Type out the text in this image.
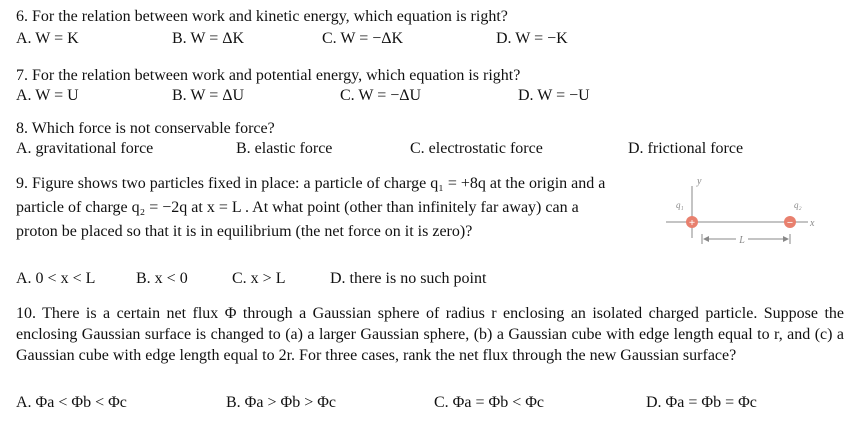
6. For the relation between work and kinetic energy, which equation is right?
A. W = K	B. W = ΔK	C. W = −ΔK	D. W = −K
7. For the relation between work and potential energy, which equation is right?
A. W = U	B. W = ΔU	C. W = −ΔU	D. W = −U
8. Which force is not conservable force?
A. gravitational force	B. elastic force	C. electrostatic force	D. frictional force
9. Figure shows two particles fixed in place: a particle of charge q₁ = +8q at the origin and a particle of charge q₂ = −2q at x = L . At what point (other than infinitely far away) can a proton be placed so that it is in equilibrium (the net force on it is zero)?
A. 0 < x < L	B. x < 0	C. x > L	D. there is no such point
y
x
q₁	q₂
+	−
L
10. There is a certain net flux Φ through a Gaussian sphere of radius r enclosing an isolated charged particle. Suppose the enclosing Gaussian surface is changed to (a) a larger Gaussian sphere, (b) a Gaussian cube with edge length equal to r, and (c) a Gaussian cube with edge length equal to 2r. For three cases, rank the net flux through the new Gaussian surface?
A. Φa < Φb < Φc	B. Φa > Φb > Φc	C. Φa = Φb < Φc	D. Φa = Φb = Φc
